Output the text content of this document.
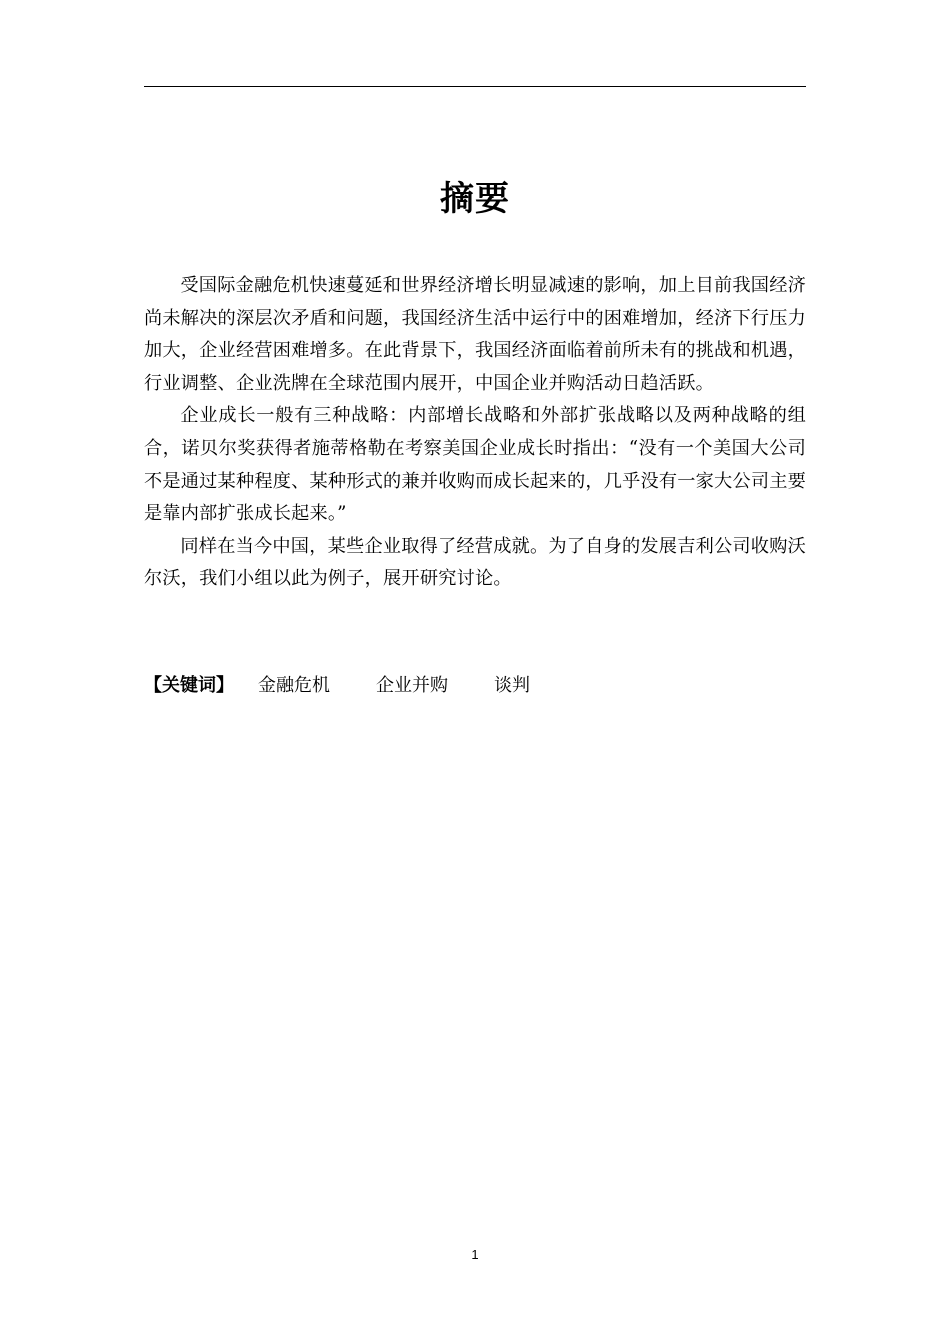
摘要

受国际金融危机快速蔓延和世界经济增长明显减速的影响，加上目前我国经济尚未解决的深层次矛盾和问题，我国经济生活中运行中的困难增加，经济下行压力加大，企业经营困难增多。在此背景下，我国经济面临着前所未有的挑战和机遇，行业调整、企业洗牌在全球范围内展开，中国企业并购活动日趋活跃。

企业成长一般有三种战略：内部增长战略和外部扩张战略以及两种战略的组合，诺贝尔奖获得者施蒂格勒在考察美国企业成长时指出：“没有一个美国大公司不是通过某种程度、某种形式的兼并收购而成长起来的，几乎没有一家大公司主要是靠内部扩张成长起来。”

同样在当今中国，某些企业取得了经营成就。为了自身的发展吉利公司收购沃尔沃，我们小组以此为例子，展开研究讨论。

【关键词】 金融危机	企业并购	谈判
1
